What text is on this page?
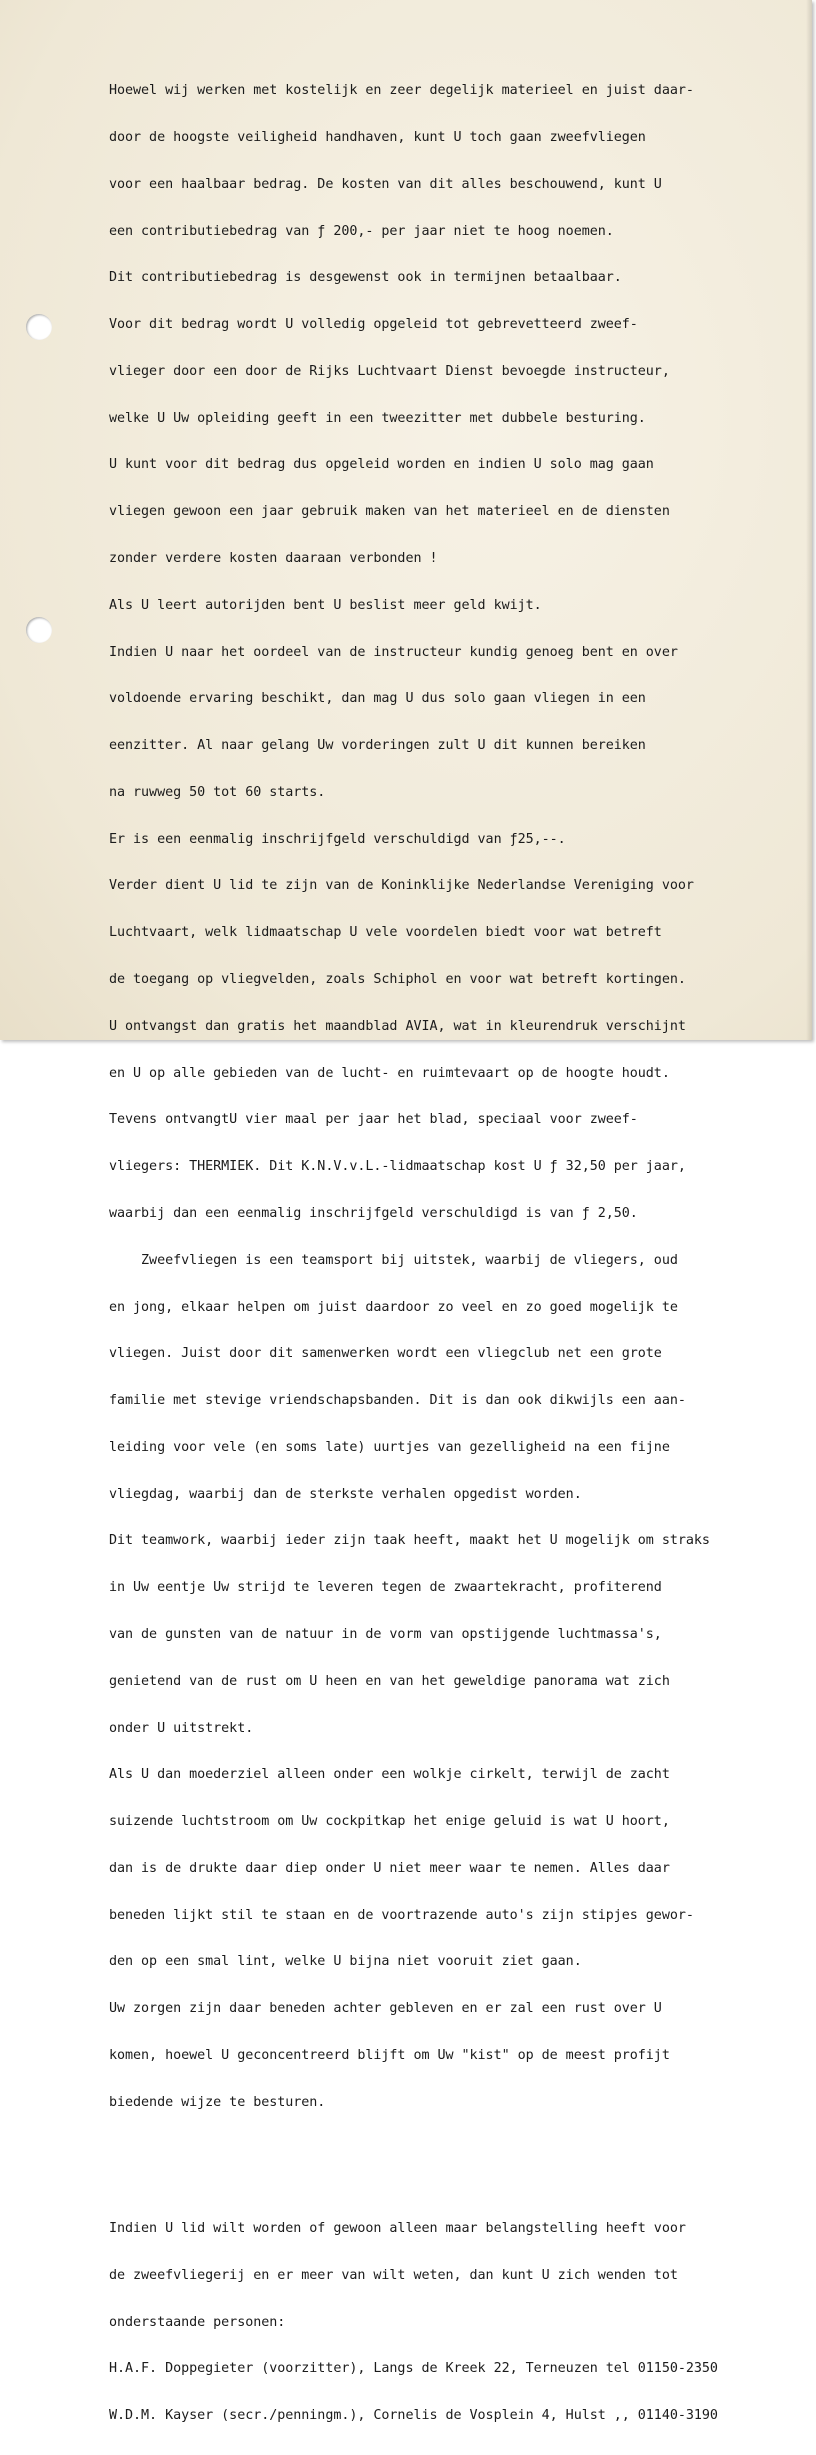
Hoewel wij werken met kostelijk en zeer degelijk materieel en juist daar-

door de hoogste veiligheid handhaven, kunt U toch gaan zweefvliegen

voor een haalbaar bedrag. De kosten van dit alles beschouwend, kunt U

een contributiebedrag van ƒ 200,- per jaar niet te hoog noemen.

Dit contributiebedrag is desgewenst ook in termijnen betaalbaar.

Voor dit bedrag wordt U volledig opgeleid tot gebrevetteerd zweef-

vlieger door een door de Rijks Luchtvaart Dienst bevoegde instructeur,

welke U Uw opleiding geeft in een tweezitter met dubbele besturing.

U kunt voor dit bedrag dus opgeleid worden en indien U solo mag gaan

vliegen gewoon een jaar gebruik maken van het materieel en de diensten

zonder verdere kosten daaraan verbonden !

Als U leert autorijden bent U beslist meer geld kwijt.

Indien U naar het oordeel van de instructeur kundig genoeg bent en over

voldoende ervaring beschikt, dan mag U dus solo gaan vliegen in een

eenzitter. Al naar gelang Uw vorderingen zult U dit kunnen bereiken

na ruwweg 50 tot 60 starts.

Er is een eenmalig inschrijfgeld verschuldigd van ƒ25,--.

Verder dient U lid te zijn van de Koninklijke Nederlandse Vereniging voor

Luchtvaart, welk lidmaatschap U vele voordelen biedt voor wat betreft

de toegang op vliegvelden, zoals Schiphol en voor wat betreft kortingen.

U ontvangst dan gratis het maandblad AVIA, wat in kleurendruk verschijnt

en U op alle gebieden van de lucht- en ruimtevaart op de hoogte houdt.

Tevens ontvangtU vier maal per jaar het blad, speciaal voor zweef-

vliegers: THERMIEK. Dit K.N.V.v.L.-lidmaatschap kost U ƒ 32,50 per jaar,

waarbij dan een eenmalig inschrijfgeld verschuldigd is van ƒ 2,50.

Zweefvliegen is een teamsport bij uitstek, waarbij de vliegers, oud

en jong, elkaar helpen om juist daardoor zo veel en zo goed mogelijk te

vliegen. Juist door dit samenwerken wordt een vliegclub net een grote

familie met stevige vriendschapsbanden. Dit is dan ook dikwijls een aan-

leiding voor vele (en soms late) uurtjes van gezelligheid na een fijne

vliegdag, waarbij dan de sterkste verhalen opgedist worden.

Dit teamwork, waarbij ieder zijn taak heeft, maakt het U mogelijk om straks

in Uw eentje Uw strijd te leveren tegen de zwaartekracht, profiterend

van de gunsten van de natuur in de vorm van opstijgende luchtmassa's,

genietend van de rust om U heen en van het geweldige panorama wat zich

onder U uitstrekt.

Als U dan moederziel alleen onder een wolkje cirkelt, terwijl de zacht

suizende luchtstroom om Uw cockpitkap het enige geluid is wat U hoort,

dan is de drukte daar diep onder U niet meer waar te nemen. Alles daar

beneden lijkt stil te staan en de voortrazende auto's zijn stipjes gewor-

den op een smal lint, welke U bijna niet vooruit ziet gaan.

Uw zorgen zijn daar beneden achter gebleven en er zal een rust over U

komen, hoewel U geconcentreerd blijft om Uw "kist" op de meest profijt

biedende wijze te besturen.

Indien U lid wilt worden of gewoon alleen maar belangstelling heeft voor

de zweefvliegerij en er meer van wilt weten, dan kunt U zich wenden tot

onderstaande personen:

H.A.F. Doppegieter (voorzitter), Langs de Kreek 22, Terneuzen tel 01150-2350

W.D.M. Kayser (secr./penningm.), Cornelis de Vosplein 4, Hulst ,, 01140-3190
